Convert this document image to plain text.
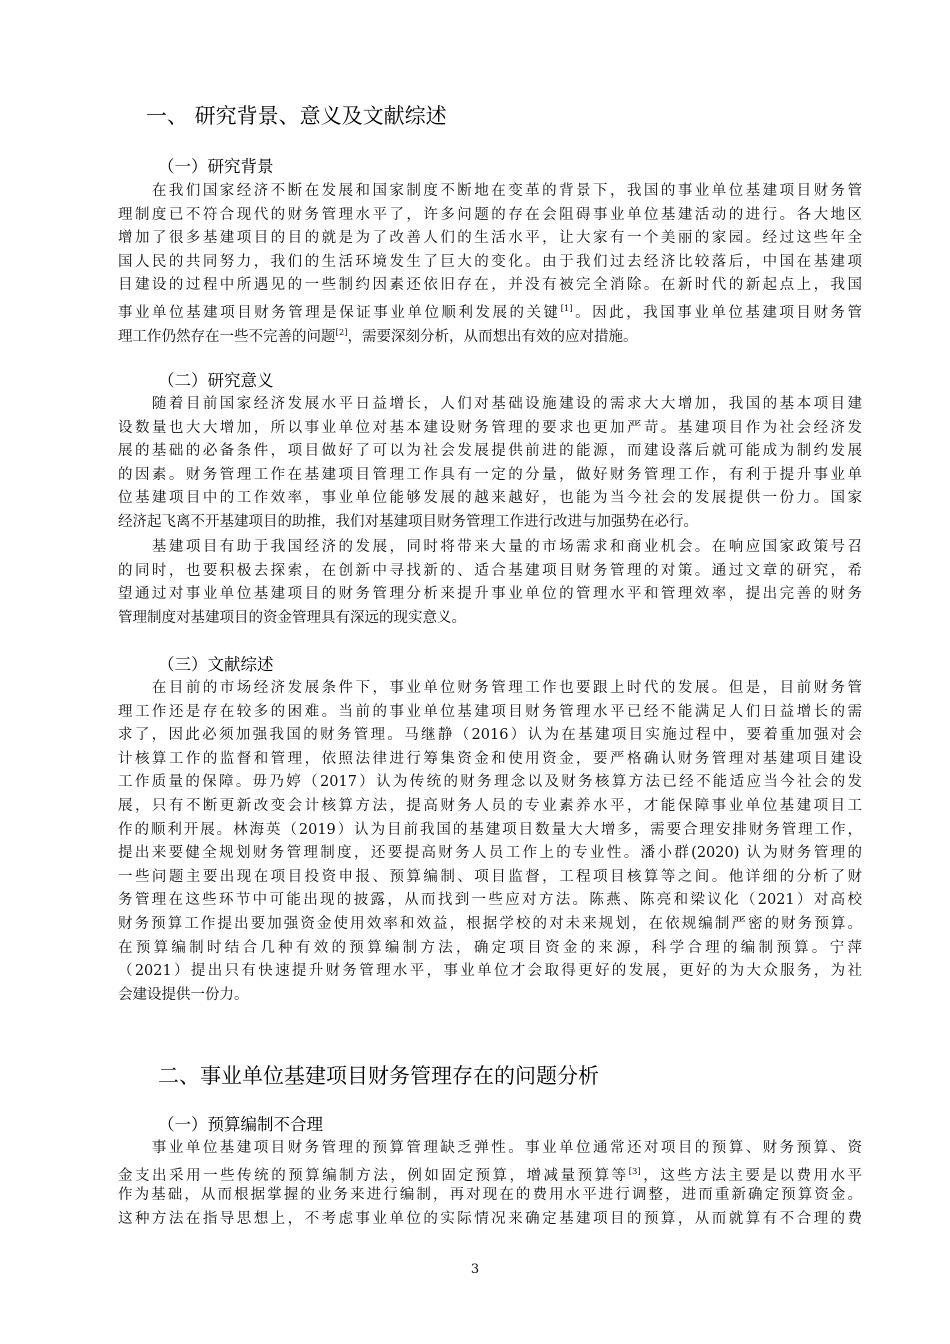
一、 研究背景、意义及文献综述
（一）研究背景
　　在我们国家经济不断在发展和国家制度不断地在变革的背景下，我国的事业单位基建项目财务管
理制度已不符合现代的财务管理水平了，许多问题的存在会阻碍事业单位基建活动的进行。各大地区
增加了很多基建项目的目的就是为了改善人们的生活水平，让大家有一个美丽的家园。经过这些年全
国人民的共同努力，我们的生活环境发生了巨大的变化。由于我们过去经济比较落后，中国在基建项
目建设的过程中所遇见的一些制约因素还依旧存在，并没有被完全消除。在新时代的新起点上，我国
事业单位基建项目财务管理是保证事业单位顺利发展的关键[1]。因此，我国事业单位基建项目财务管
理工作仍然存在一些不完善的问题[2]，需要深刻分析，从而想出有效的应对措施。
（二）研究意义
　　随着目前国家经济发展水平日益增长，人们对基础设施建设的需求大大增加，我国的基本项目建
设数量也大大增加，所以事业单位对基本建设财务管理的要求也更加严苛。基建项目作为社会经济发
展的基础的必备条件，项目做好了可以为社会发展提供前进的能源，而建设落后就可能成为制约发展
的因素。财务管理工作在基建项目管理工作具有一定的分量，做好财务管理工作，有利于提升事业单
位基建项目中的工作效率，事业单位能够发展的越来越好，也能为当今社会的发展提供一份力。国家
经济起飞离不开基建项目的助推，我们对基建项目财务管理工作进行改进与加强势在必行。
　　基建项目有助于我国经济的发展，同时将带来大量的市场需求和商业机会。在响应国家政策号召
的同时，也要积极去探索，在创新中寻找新的、适合基建项目财务管理的对策。通过文章的研究，希
望通过对事业单位基建项目的财务管理分析来提升事业单位的管理水平和管理效率，提出完善的财务
管理制度对基建项目的资金管理具有深远的现实意义。
（三）文献综述
　　在目前的市场经济发展条件下，事业单位财务管理工作也要跟上时代的发展。但是，目前财务管
理工作还是存在较多的困难。当前的事业单位基建项目财务管理水平已经不能满足人们日益增长的需
求了，因此必须加强我国的财务管理。马继静（2016）认为在基建项目实施过程中，要着重加强对会
计核算工作的监督和管理，依照法律进行筹集资金和使用资金，要严格确认财务管理对基建项目建设
工作质量的保障。毋乃婷（2017）认为传统的财务理念以及财务核算方法已经不能适应当今社会的发
展，只有不断更新改变会计核算方法，提高财务人员的专业素养水平，才能保障事业单位基建项目工
作的顺利开展。林海英（2019）认为目前我国的基建项目数量大大增多，需要合理安排财务管理工作，
提出来要健全规划财务管理制度，还要提高财务人员工作上的专业性。潘小群(2020) 认为财务管理的
一些问题主要出现在项目投资申报、预算编制、项目监督，工程项目核算等之间。他详细的分析了财
务管理在这些环节中可能出现的披露，从而找到一些应对方法。陈燕、陈亮和梁议化（2021）对高校
财务预算工作提出要加强资金使用效率和效益，根据学校的对未来规划，在依规编制严密的财务预算。
在预算编制时结合几种有效的预算编制方法，确定项目资金的来源，科学合理的编制预算。宁萍
（2021）提出只有快速提升财务管理水平，事业单位才会取得更好的发展，更好的为大众服务，为社
会建设提供一份力。
二、事业单位基建项目财务管理存在的问题分析
（一）预算编制不合理
　　事业单位基建项目财务管理的预算管理缺乏弹性。事业单位通常还对项目的预算、财务预算、资
金支出采用一些传统的预算编制方法，例如固定预算，增减量预算等[3]，这些方法主要是以费用水平
作为基础，从而根据掌握的业务来进行编制，再对现在的费用水平进行调整，进而重新确定预算资金。
这种方法在指导思想上，不考虑事业单位的实际情况来确定基建项目的预算，从而就算有不合理的费
3
